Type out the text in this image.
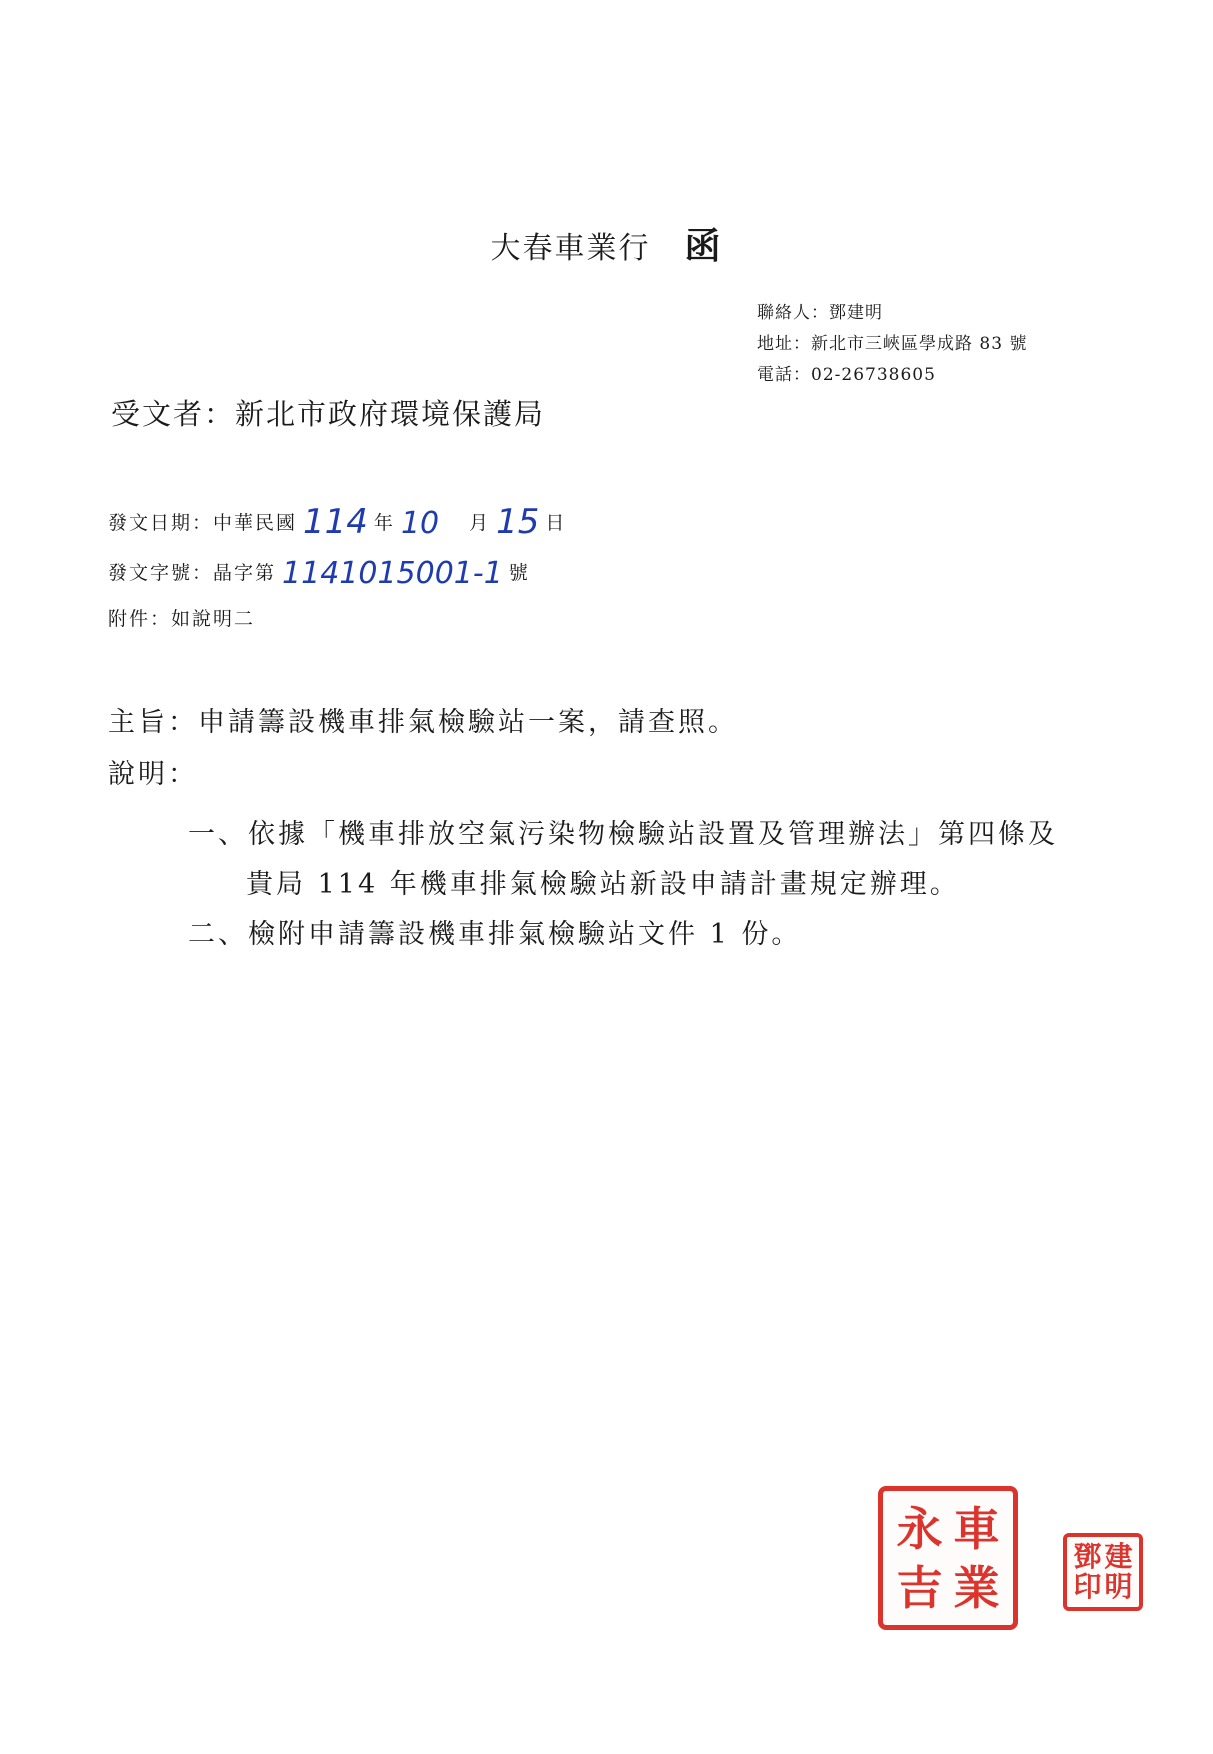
大春車業行 函
聯絡人：鄧建明
地址：新北市三峽區學成路 83 號
電話：02-26738605
受文者：新北市政府環境保護局
發文日期：中華民國 114 年 10 月 15 日
發文字號：晶字第 1141015001-1 號
附件：如說明二
主旨：申請籌設機車排氣檢驗站一案，請查照。
說明：
一、依據「機車排放空氣污染物檢驗站設置及管理辦法」第四條及
貴局 114 年機車排氣檢驗站新設申請計畫規定辦理。
二、檢附申請籌設機車排氣檢驗站文件 1 份。
永 車
吉 業
鄧 建
印 明
